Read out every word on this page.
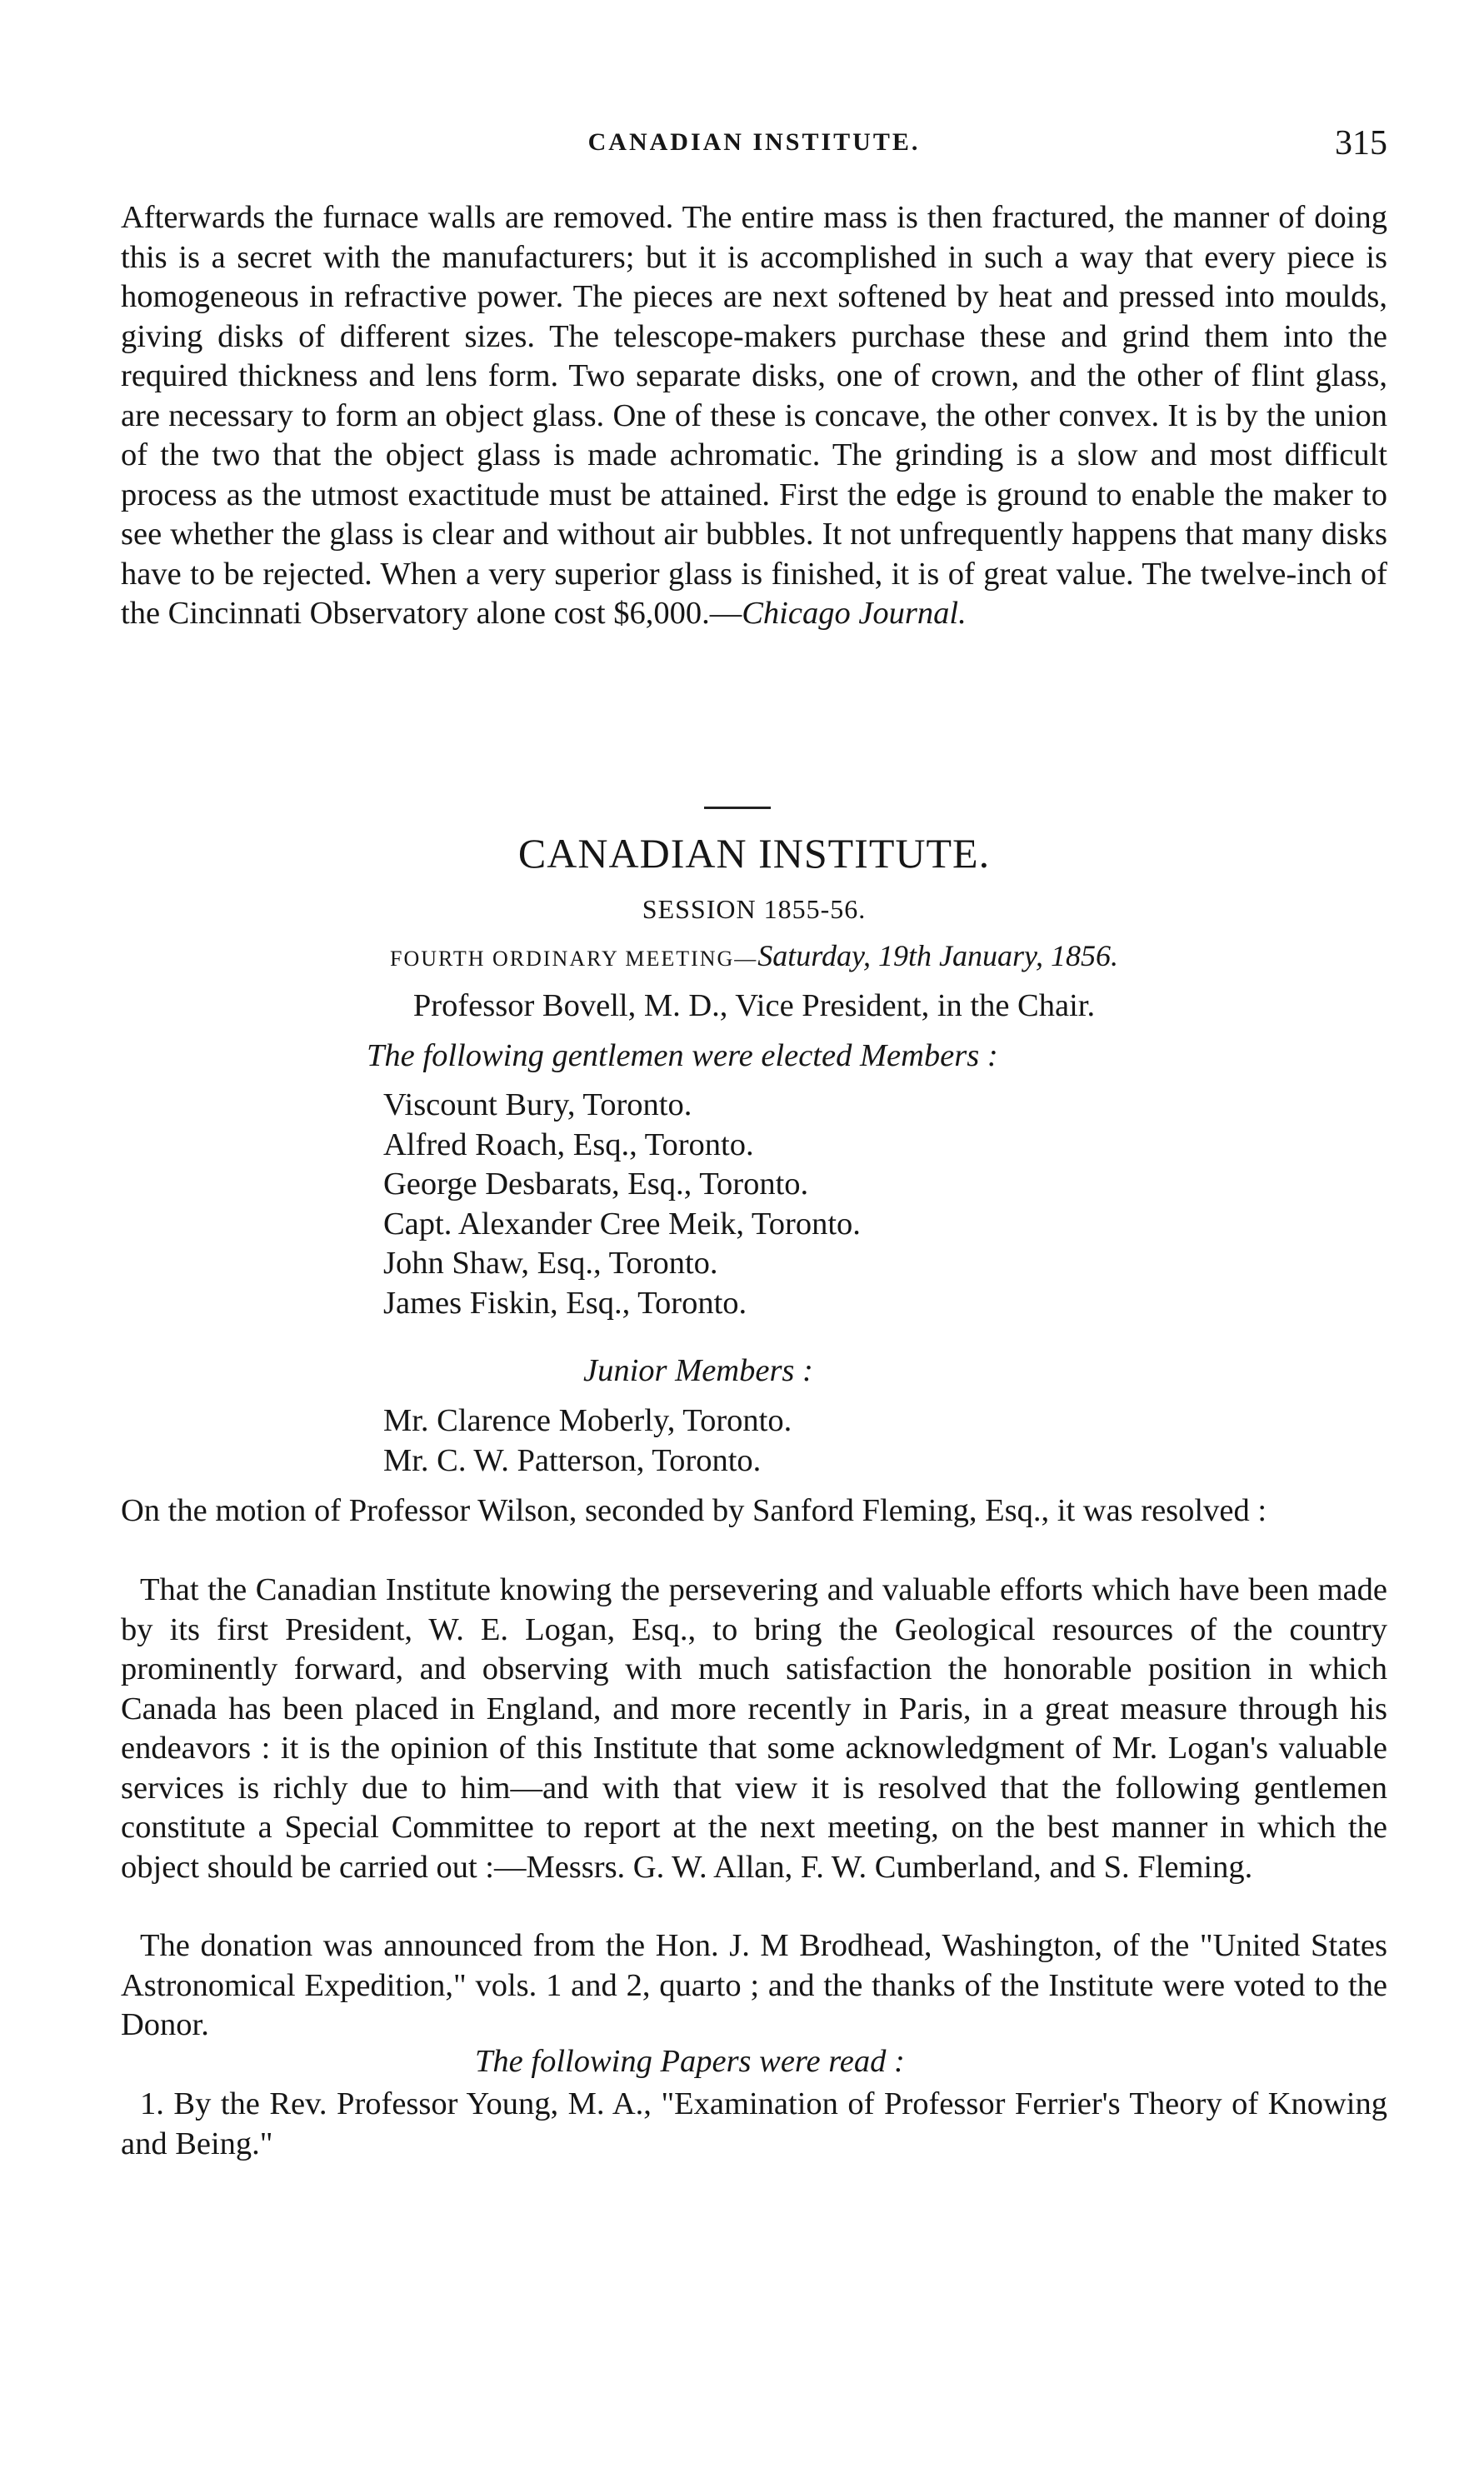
CANADIAN INSTITUTE.	315
Afterwards the furnace walls are removed. The entire mass is then fractured, the manner of doing this is a secret with the manufacturers; but it is accomplished in such a way that every piece is homogeneous in refractive power. The pieces are next softened by heat and pressed into moulds, giving disks of different sizes. The telescope-makers purchase these and grind them into the required thickness and lens form. Two separate disks, one of crown, and the other of flint glass, are necessary to form an object glass. One of these is concave, the other convex. It is by the union of the two that the object glass is made achromatic. The grinding is a slow and most difficult process as the utmost exactitude must be attained. First the edge is ground to enable the maker to see whether the glass is clear and without air bubbles. It not unfrequently happens that many disks have to be rejected. When a very superior glass is finished, it is of great value. The twelve-inch of the Cincinnati Observatory alone cost $6,000.—Chicago Journal.
CANADIAN INSTITUTE.
SESSION 1855-56.
FOURTH ORDINARY MEETING—Saturday, 19th January, 1856.
Professor Bovell, M. D., Vice President, in the Chair.
The following gentlemen were elected Members :
Viscount Bury, Toronto.
Alfred Roach, Esq., Toronto.
George Desbarats, Esq., Toronto.
Capt. Alexander Cree Meik, Toronto.
John Shaw, Esq., Toronto.
James Fiskin, Esq., Toronto.
Junior Members :
Mr. Clarence Moberly, Toronto.
Mr. C. W. Patterson, Toronto.
On the motion of Professor Wilson, seconded by Sanford Fleming, Esq., it was resolved :
That the Canadian Institute knowing the persevering and valuable efforts which have been made by its first President, W. E. Logan, Esq., to bring the Geological resources of the country prominently forward, and observing with much satisfaction the honorable position in which Canada has been placed in England, and more recently in Paris, in a great measure through his endeavors : it is the opinion of this Institute that some acknowledgment of Mr. Logan's valuable services is richly due to him—and with that view it is resolved that the following gentlemen constitute a Special Committee to report at the next meeting, on the best manner in which the object should be carried out :—Messrs. G. W. Allan, F. W. Cumberland, and S. Fleming.
The donation was announced from the Hon. J. M Brodhead, Washington, of the "United States Astronomical Expedition," vols. 1 and 2, quarto ; and the thanks of the Institute were voted to the Donor.
The following Papers were read :
1. By the Rev. Professor Young, M. A., "Examination of Professor Ferrier's Theory of Knowing and Being."
